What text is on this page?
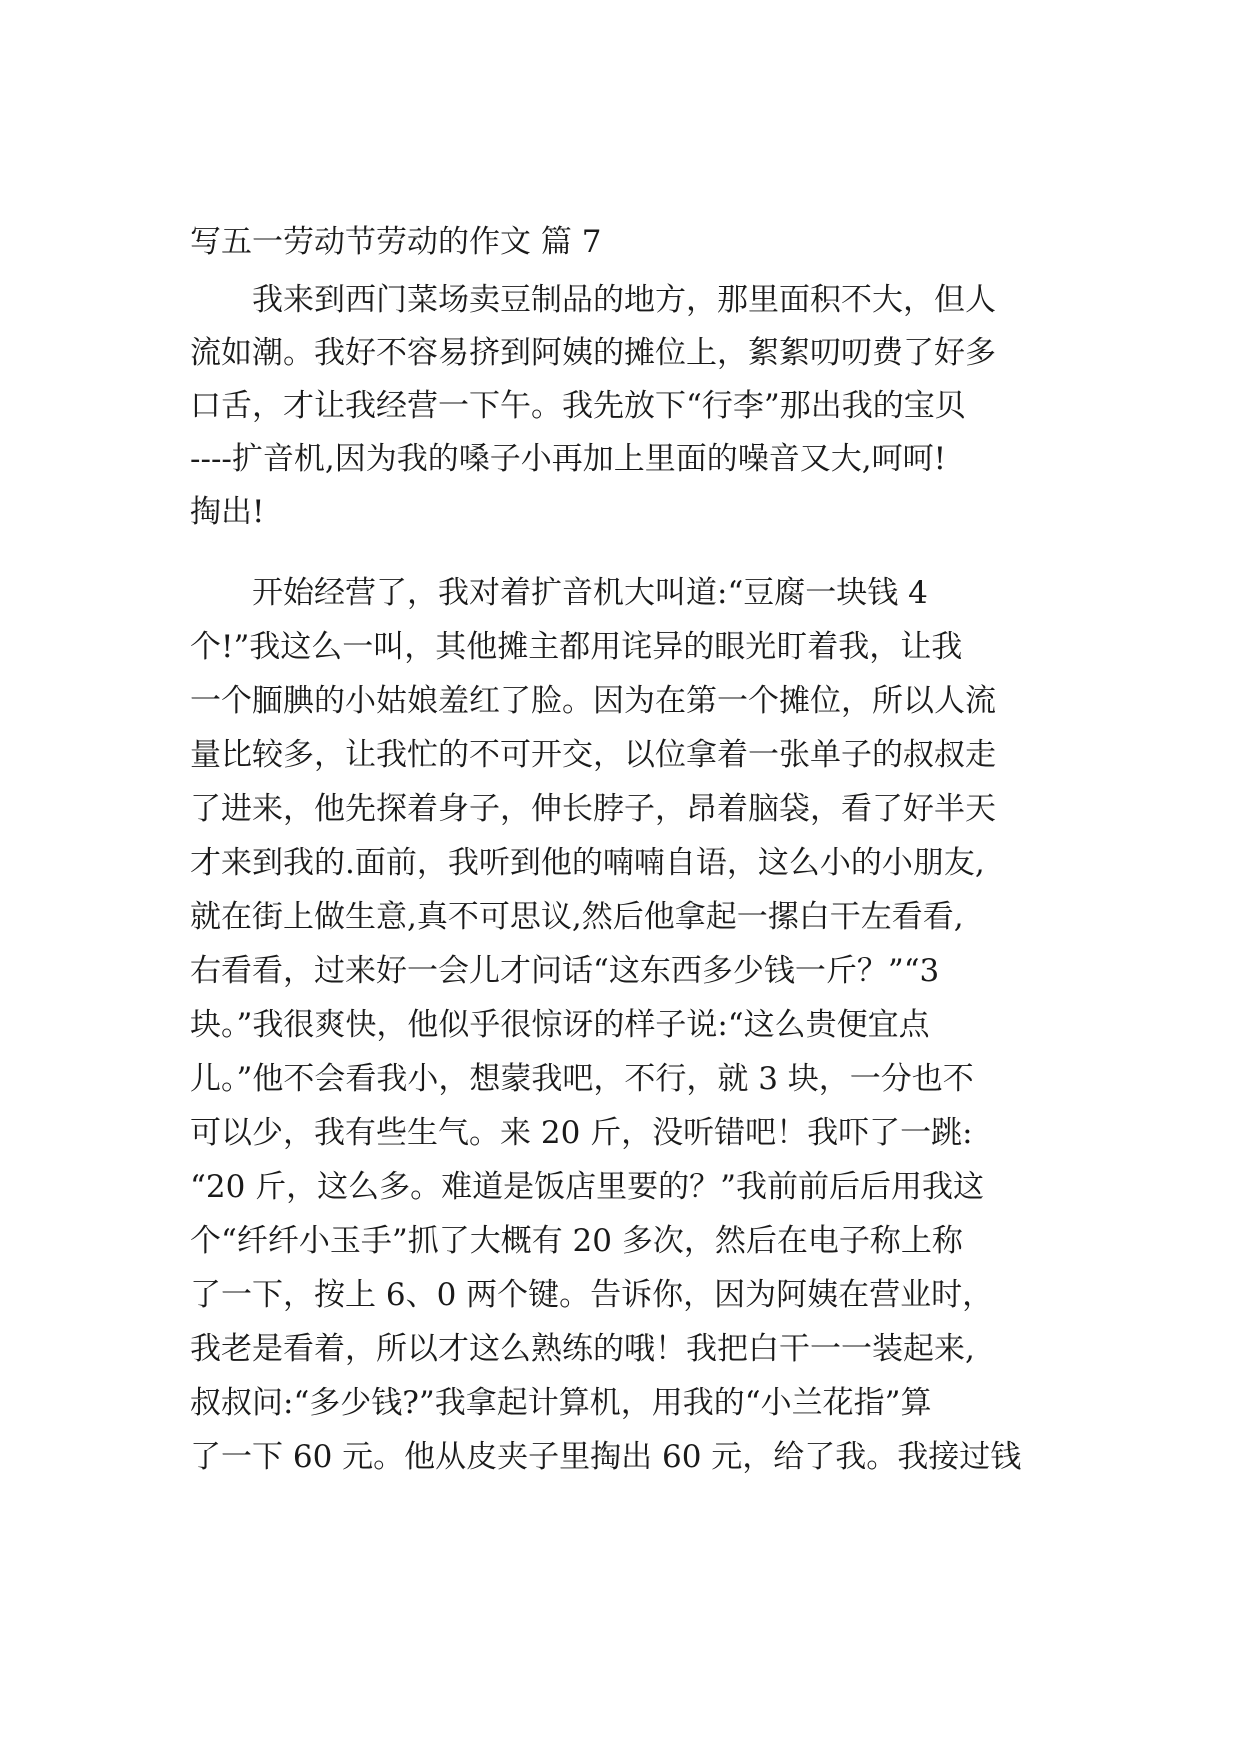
写五一劳动节劳动的作文 篇 7
我来到西门菜场卖豆制品的地方，那里面积不大，但人
流如潮。我好不容易挤到阿姨的摊位上，絮絮叨叨费了好多
口舌，才让我经营一下午。我先放下“行李”那出我的宝贝
----扩音机,因为我的嗓子小再加上里面的噪音又大,呵呵!
掏出!
开始经营了，我对着扩音机大叫道:“豆腐一块钱 4
个!”我这么一叫，其他摊主都用诧异的眼光盯着我，让我
一个腼腆的小姑娘羞红了脸。因为在第一个摊位，所以人流
量比较多，让我忙的不可开交，以位拿着一张单子的叔叔走
了进来，他先探着身子，伸长脖子，昂着脑袋，看了好半天
才来到我的.面前，我听到他的喃喃自语，这么小的小朋友,
就在街上做生意,真不可思议,然后他拿起一摞白干左看看,
右看看，过来好一会儿才问话“这东西多少钱一斤？”“3
块。”我很爽快，他似乎很惊讶的样子说:“这么贵便宜点
儿。”他不会看我小，想蒙我吧，不行，就 3 块，一分也不
可以少，我有些生气。来 20 斤，没听错吧！我吓了一跳:
“20 斤，这么多。难道是饭店里要的？”我前前后后用我这
个“纤纤小玉手”抓了大概有 20 多次，然后在电子称上称
了一下，按上 6、0 两个键。告诉你，因为阿姨在营业时，
我老是看着，所以才这么熟练的哦！我把白干一一装起来,
叔叔问:“多少钱?”我拿起计算机，用我的“小兰花指”算
了一下 60 元。他从皮夹子里掏出 60 元，给了我。我接过钱
